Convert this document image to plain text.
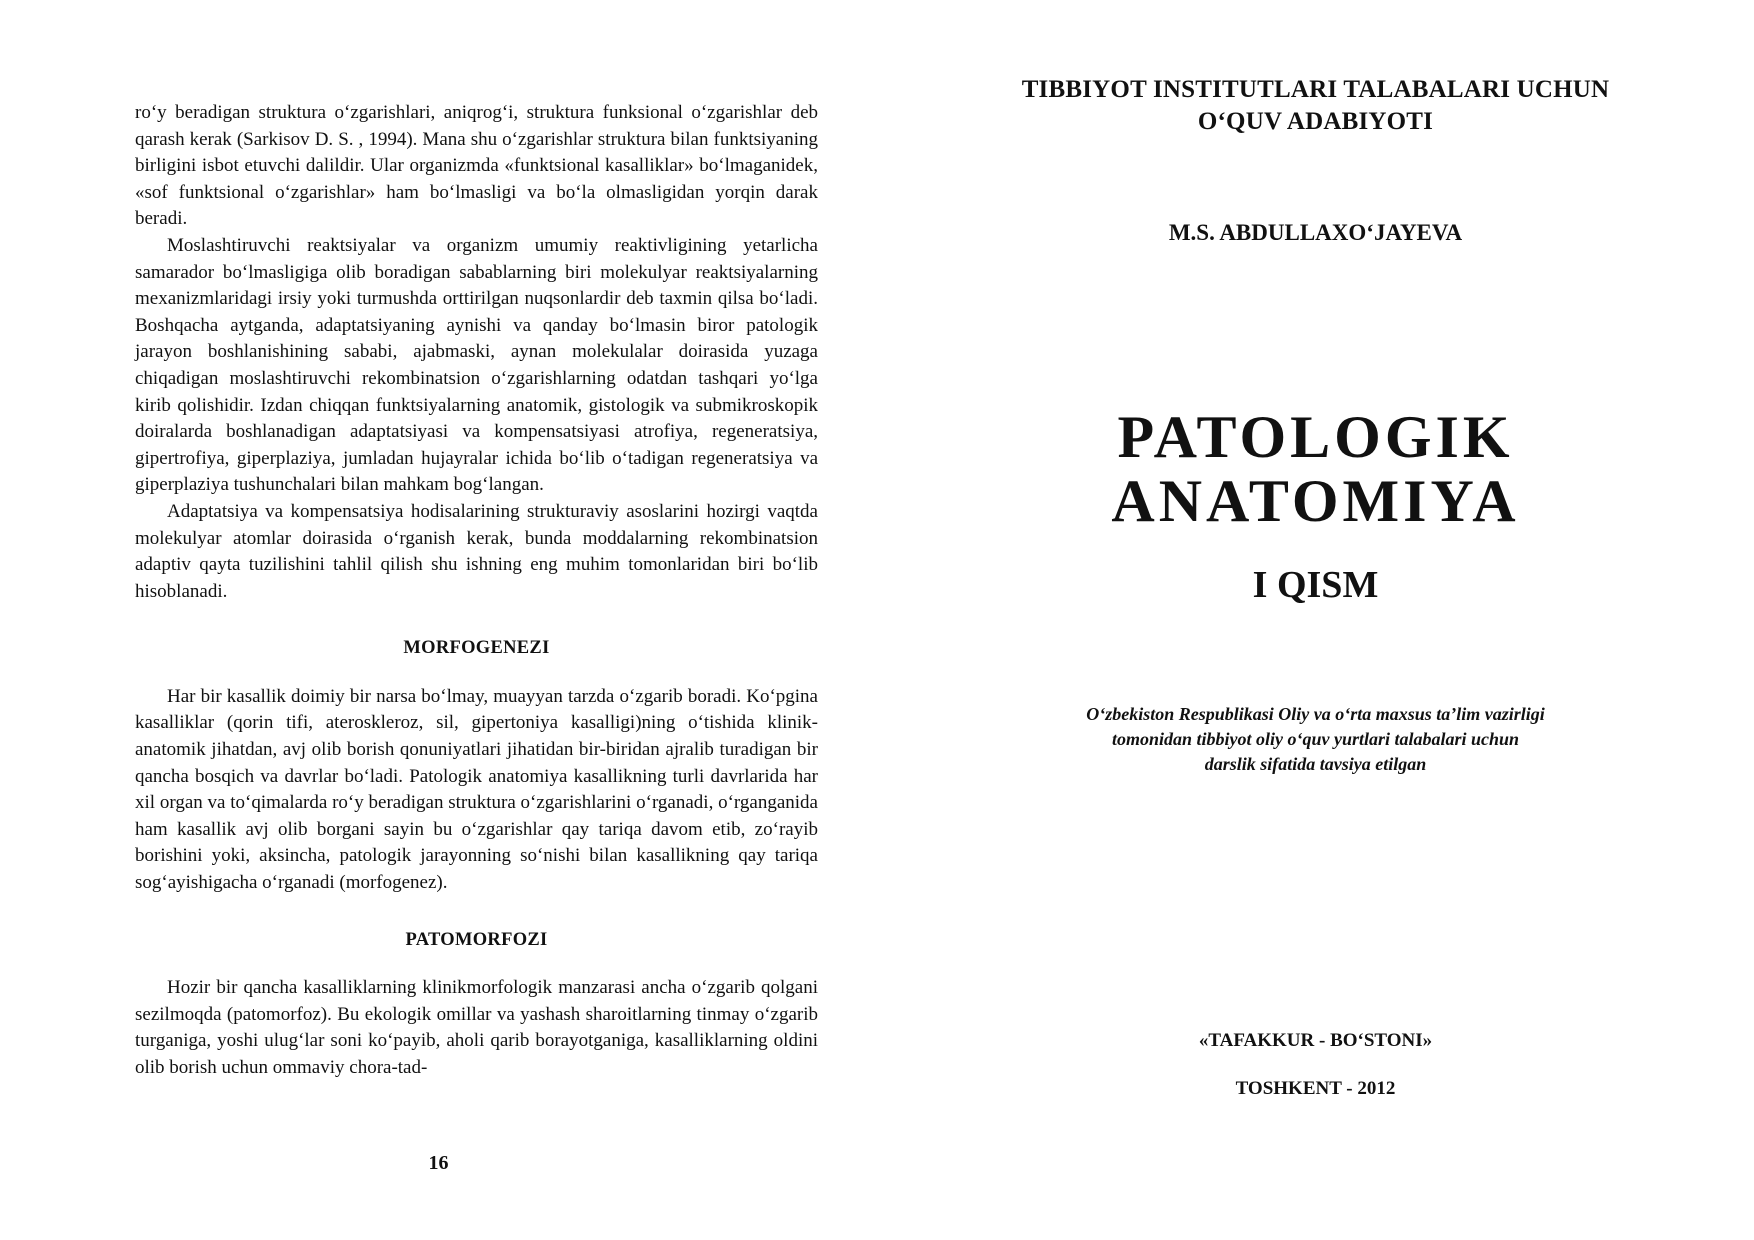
ro‘y beradigan struktura o‘zgarishlari, aniqrog‘i, struktura funksional o‘zgarishlar deb qarash kerak (Sarkisov D. S. , 1994). Mana shu o‘zgarishlar struktura bilan funktsiyaning birligini isbot etuvchi dalildir. Ular organizmda «funktsional kasalliklar» bo‘lmaganidek, «sof funktsional o‘zgarishlar» ham bo‘lmasligi va bo‘la olmasligidan yorqin darak beradi.

Moslashtiruvchi reaktsiyalar va organizm umumiy reaktivligining yetarlicha samarador bo‘lmasligiga olib boradigan sabablarning biri molekulyar reaktsiyalarning mexanizmlaridagi irsiy yoki turmushda orttirilgan nuqsonlardir deb taxmin qilsa bo‘ladi. Boshqacha aytganda, adaptatsiyaning aynishi va qanday bo‘lmasin biror patologik jarayon boshlanishining sababi, ajabmaski, aynan molekulalar doirasida yuzaga chiqadigan moslashtiruvchi rekombinatsion o‘zgarishlarning odatdan tashqari yo‘lga kirib qolishidir. Izdan chiqqan funktsiyalarning anatomik, gistologik va submikroskopik doiralarda boshlanadigan adaptatsiyasi va kompensatsiyasi atrofiya, regeneratsiya, gipertrofiya, giperplaziya, jumladan hujayralar ichida bo‘lib o‘tadigan regeneratsiya va giperplaziya tushunchalari bilan mahkam bog‘langan.

Adaptatsiya va kompensatsiya hodisalarining strukturaviy asoslarini hozirgi vaqtda molekulyar atomlar doirasida o‘rganish kerak, bunda moddalarning rekombinatsion adaptiv qayta tuzilishini tahlil qilish shu ishning eng muhim tomonlaridan biri bo‘lib hisoblanadi.

MORFOGENEZI

Har bir kasallik doimiy bir narsa bo‘lmay, muayyan tarzda o‘zgarib boradi. Ko‘pgina kasalliklar (qorin tifi, ateroskleroz, sil, gipertoniya kasalligi)ning o‘tishida klinik-anatomik jihatdan, avj olib borish qonuniyatlari jihatidan bir-biridan ajralib turadigan bir qancha bosqich va davrlar bo‘ladi. Patologik anatomiya kasallikning turli davrlarida har xil organ va to‘qimalarda ro‘y beradigan struktura o‘zgarishlarini o‘rganadi, o‘rganganida ham kasallik avj olib borgani sayin bu o‘zgarishlar qay tariqa davom etib, zo‘rayib borishini yoki, aksincha, patologik jarayonning so‘nishi bilan kasallikning qay tariqa sog‘ayishigacha o‘rganadi (morfogenez).

PATOMORFOZI

Hozir bir qancha kasalliklarning klinikmorfologik manzarasi ancha o‘zgarib qolgani sezilmoqda (patomorfoz). Bu ekologik omillar va yashash sharoitlarning tinmay o‘zgarib turganiga, yoshi ulug‘lar soni ko‘payib, aholi qarib borayotganiga, kasalliklarning oldini olib borish uchun ommaviy chora-tad-

16
TIBBIYOT INSTITUTLARI TALABALARI UCHUN
O‘QUV ADABIYOTI
M.S. ABDULLAXO‘JAYEVA
PATOLOGIK
ANATOMIYA
I QISM
O‘zbekiston Respublikasi Oliy va o‘rta maxsus ta’lim vazirligi
tomonidan tibbiyot oliy o‘quv yurtlari talabalari uchun
darslik sifatida tavsiya etilgan
«TAFAKKUR - BO‘STONI»
TOSHKENT - 2012
